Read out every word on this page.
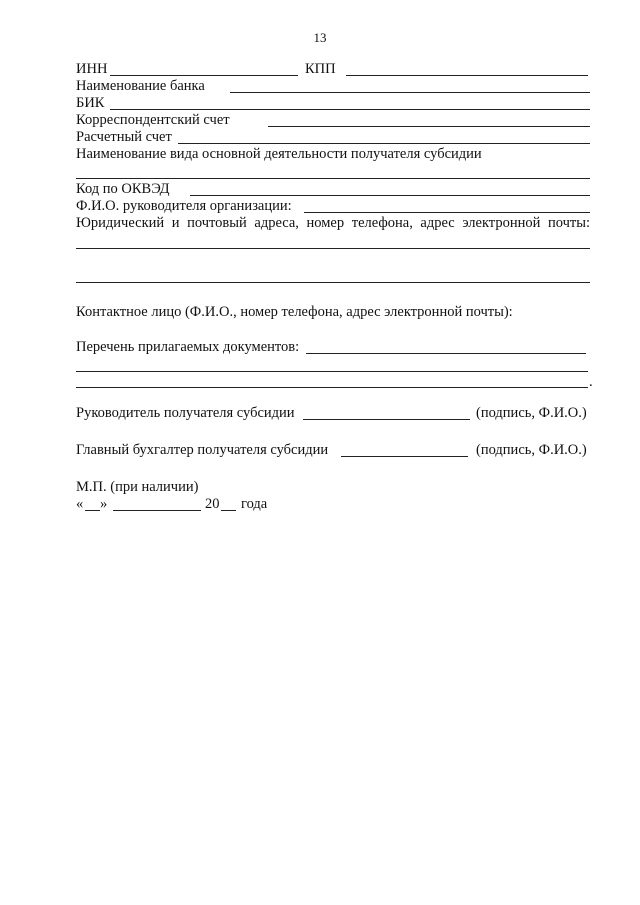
13
ИНН	КПП
Наименование банка
БИК
Корреспондентский счет
Расчетный счет
Наименование вида основной деятельности получателя субсидии
Код по ОКВЭД
Ф.И.О. руководителя организации:
Юридический и почтовый адреса, номер телефона, адрес электронной почты:
Контактное лицо (Ф.И.О., номер телефона, адрес электронной почты):
Перечень прилагаемых документов:
.
Руководитель получателя субсидии	(подпись, Ф.И.О.)
Главный бухгалтер получателя субсидии	(подпись, Ф.И.О.)
М.П. (при наличии)
« »	20 года
